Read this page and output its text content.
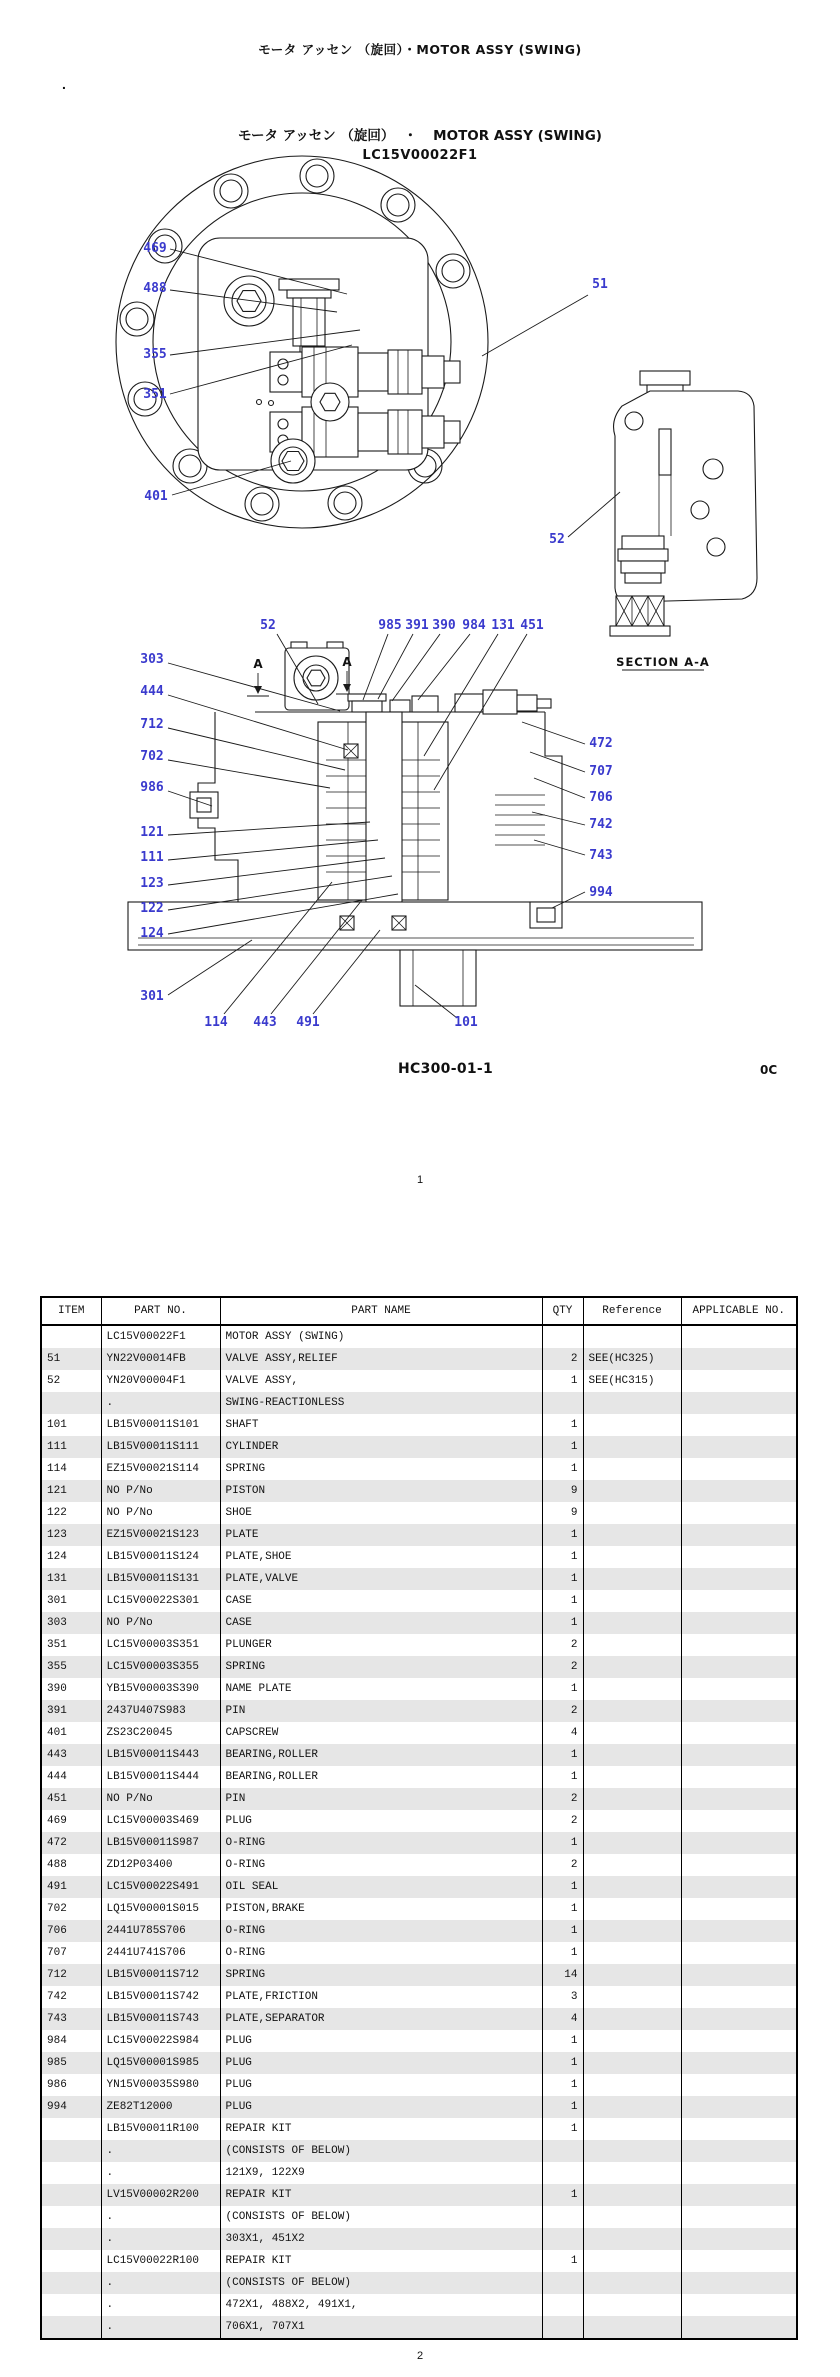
モータ アッセン （旋回）・MOTOR ASSY (SWING)
.
モータ アッセン （旋回） ・ MOTOR ASSY (SWING)
LC15V00022F1
SECTION A-A
469
488
355
351
401
51
52
52	985 391 390 984 131 451
303
444
712
702
986
121
111
123
122
124
301
114 443 491	101
472
707
706
742
743
994
A	A
HC300-01-1	0C
1
ITEM	PART NO.	PART NAME	QTY	Reference	APPLICABLE NO.
	LC15V00022F1	MOTOR ASSY (SWING)			
51	YN22V00014FB	VALVE ASSY,RELIEF	2	SEE(HC325)	
52	YN20V00004F1	VALVE ASSY,	1	SEE(HC315)	
	.	SWING-REACTIONLESS			
101	LB15V00011S101	SHAFT	1		
111	LB15V00011S111	CYLINDER	1		
114	EZ15V00021S114	SPRING	1		
121	NO P/No	PISTON	9		
122	NO P/No	SHOE	9		
123	EZ15V00021S123	PLATE	1		
124	LB15V00011S124	PLATE,SHOE	1		
131	LB15V00011S131	PLATE,VALVE	1		
301	LC15V00022S301	CASE	1		
303	NO P/No	CASE	1		
351	LC15V00003S351	PLUNGER	2		
355	LC15V00003S355	SPRING	2		
390	YB15V00003S390	NAME PLATE	1		
391	2437U407S983	PIN	2		
401	ZS23C20045	CAPSCREW	4		
443	LB15V00011S443	BEARING,ROLLER	1		
444	LB15V00011S444	BEARING,ROLLER	1		
451	NO P/No	PIN	2		
469	LC15V00003S469	PLUG	2		
472	LB15V00011S987	O-RING	1		
488	ZD12P03400	O-RING	2		
491	LC15V00022S491	OIL SEAL	1		
702	LQ15V00001S015	PISTON,BRAKE	1		
706	2441U785S706	O-RING	1		
707	2441U741S706	O-RING	1		
712	LB15V00011S712	SPRING	14		
742	LB15V00011S742	PLATE,FRICTION	3		
743	LB15V00011S743	PLATE,SEPARATOR	4		
984	LC15V00022S984	PLUG	1		
985	LQ15V00001S985	PLUG	1		
986	YN15V00035S980	PLUG	1		
994	ZE82T12000	PLUG	1		
	LB15V00011R100	REPAIR KIT	1		
	.	(CONSISTS OF BELOW)			
	.	121X9, 122X9			
	LV15V00002R200	REPAIR KIT	1		
	.	(CONSISTS OF BELOW)			
	.	303X1, 451X2			
	LC15V00022R100	REPAIR KIT	1		
	.	(CONSISTS OF BELOW)			
	.	472X1, 488X2, 491X1,			
	.	706X1, 707X1			
2
